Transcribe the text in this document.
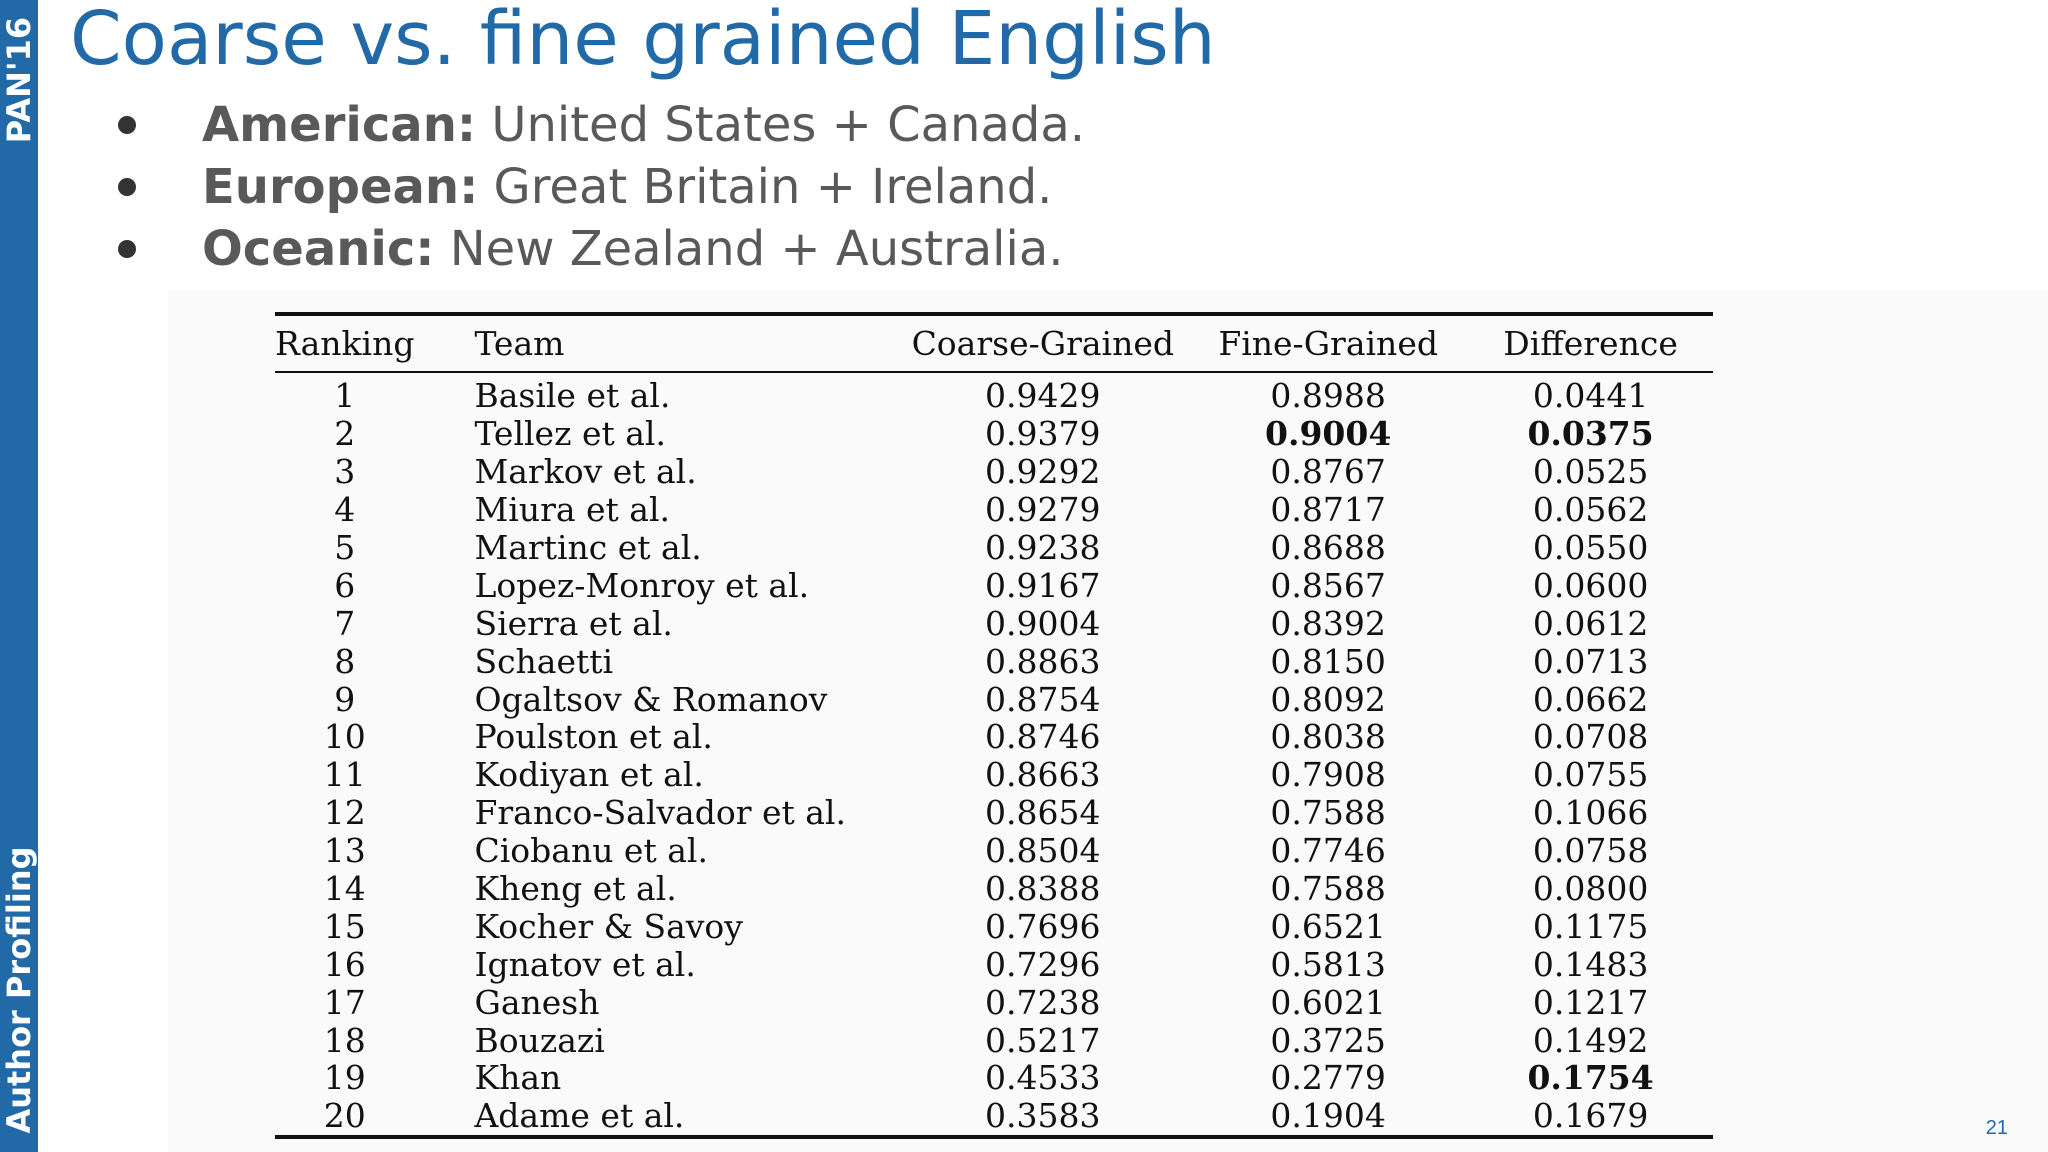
PAN'16
Author Profiling
Coarse vs. fine grained English
American: United States + Canada.
European: Great Britain + Ireland.
Oceanic: New Zealand + Australia.
Ranking	Team	Coarse-Grained	Fine-Grained	Difference
1	Basile et al.	0.9429	0.8988	0.0441
2	Tellez et al.	0.9379	0.9004	0.0375
3	Markov et al.	0.9292	0.8767	0.0525
4	Miura et al.	0.9279	0.8717	0.0562
5	Martinc et al.	0.9238	0.8688	0.0550
6	Lopez-Monroy et al.	0.9167	0.8567	0.0600
7	Sierra et al.	0.9004	0.8392	0.0612
8	Schaetti	0.8863	0.8150	0.0713
9	Ogaltsov & Romanov	0.8754	0.8092	0.0662
10	Poulston et al.	0.8746	0.8038	0.0708
11	Kodiyan et al.	0.8663	0.7908	0.0755
12	Franco-Salvador et al.	0.8654	0.7588	0.1066
13	Ciobanu et al.	0.8504	0.7746	0.0758
14	Kheng et al.	0.8388	0.7588	0.0800
15	Kocher & Savoy	0.7696	0.6521	0.1175
16	Ignatov et al.	0.7296	0.5813	0.1483
17	Ganesh	0.7238	0.6021	0.1217
18	Bouzazi	0.5217	0.3725	0.1492
19	Khan	0.4533	0.2779	0.1754
20	Adame et al.	0.3583	0.1904	0.1679	21
